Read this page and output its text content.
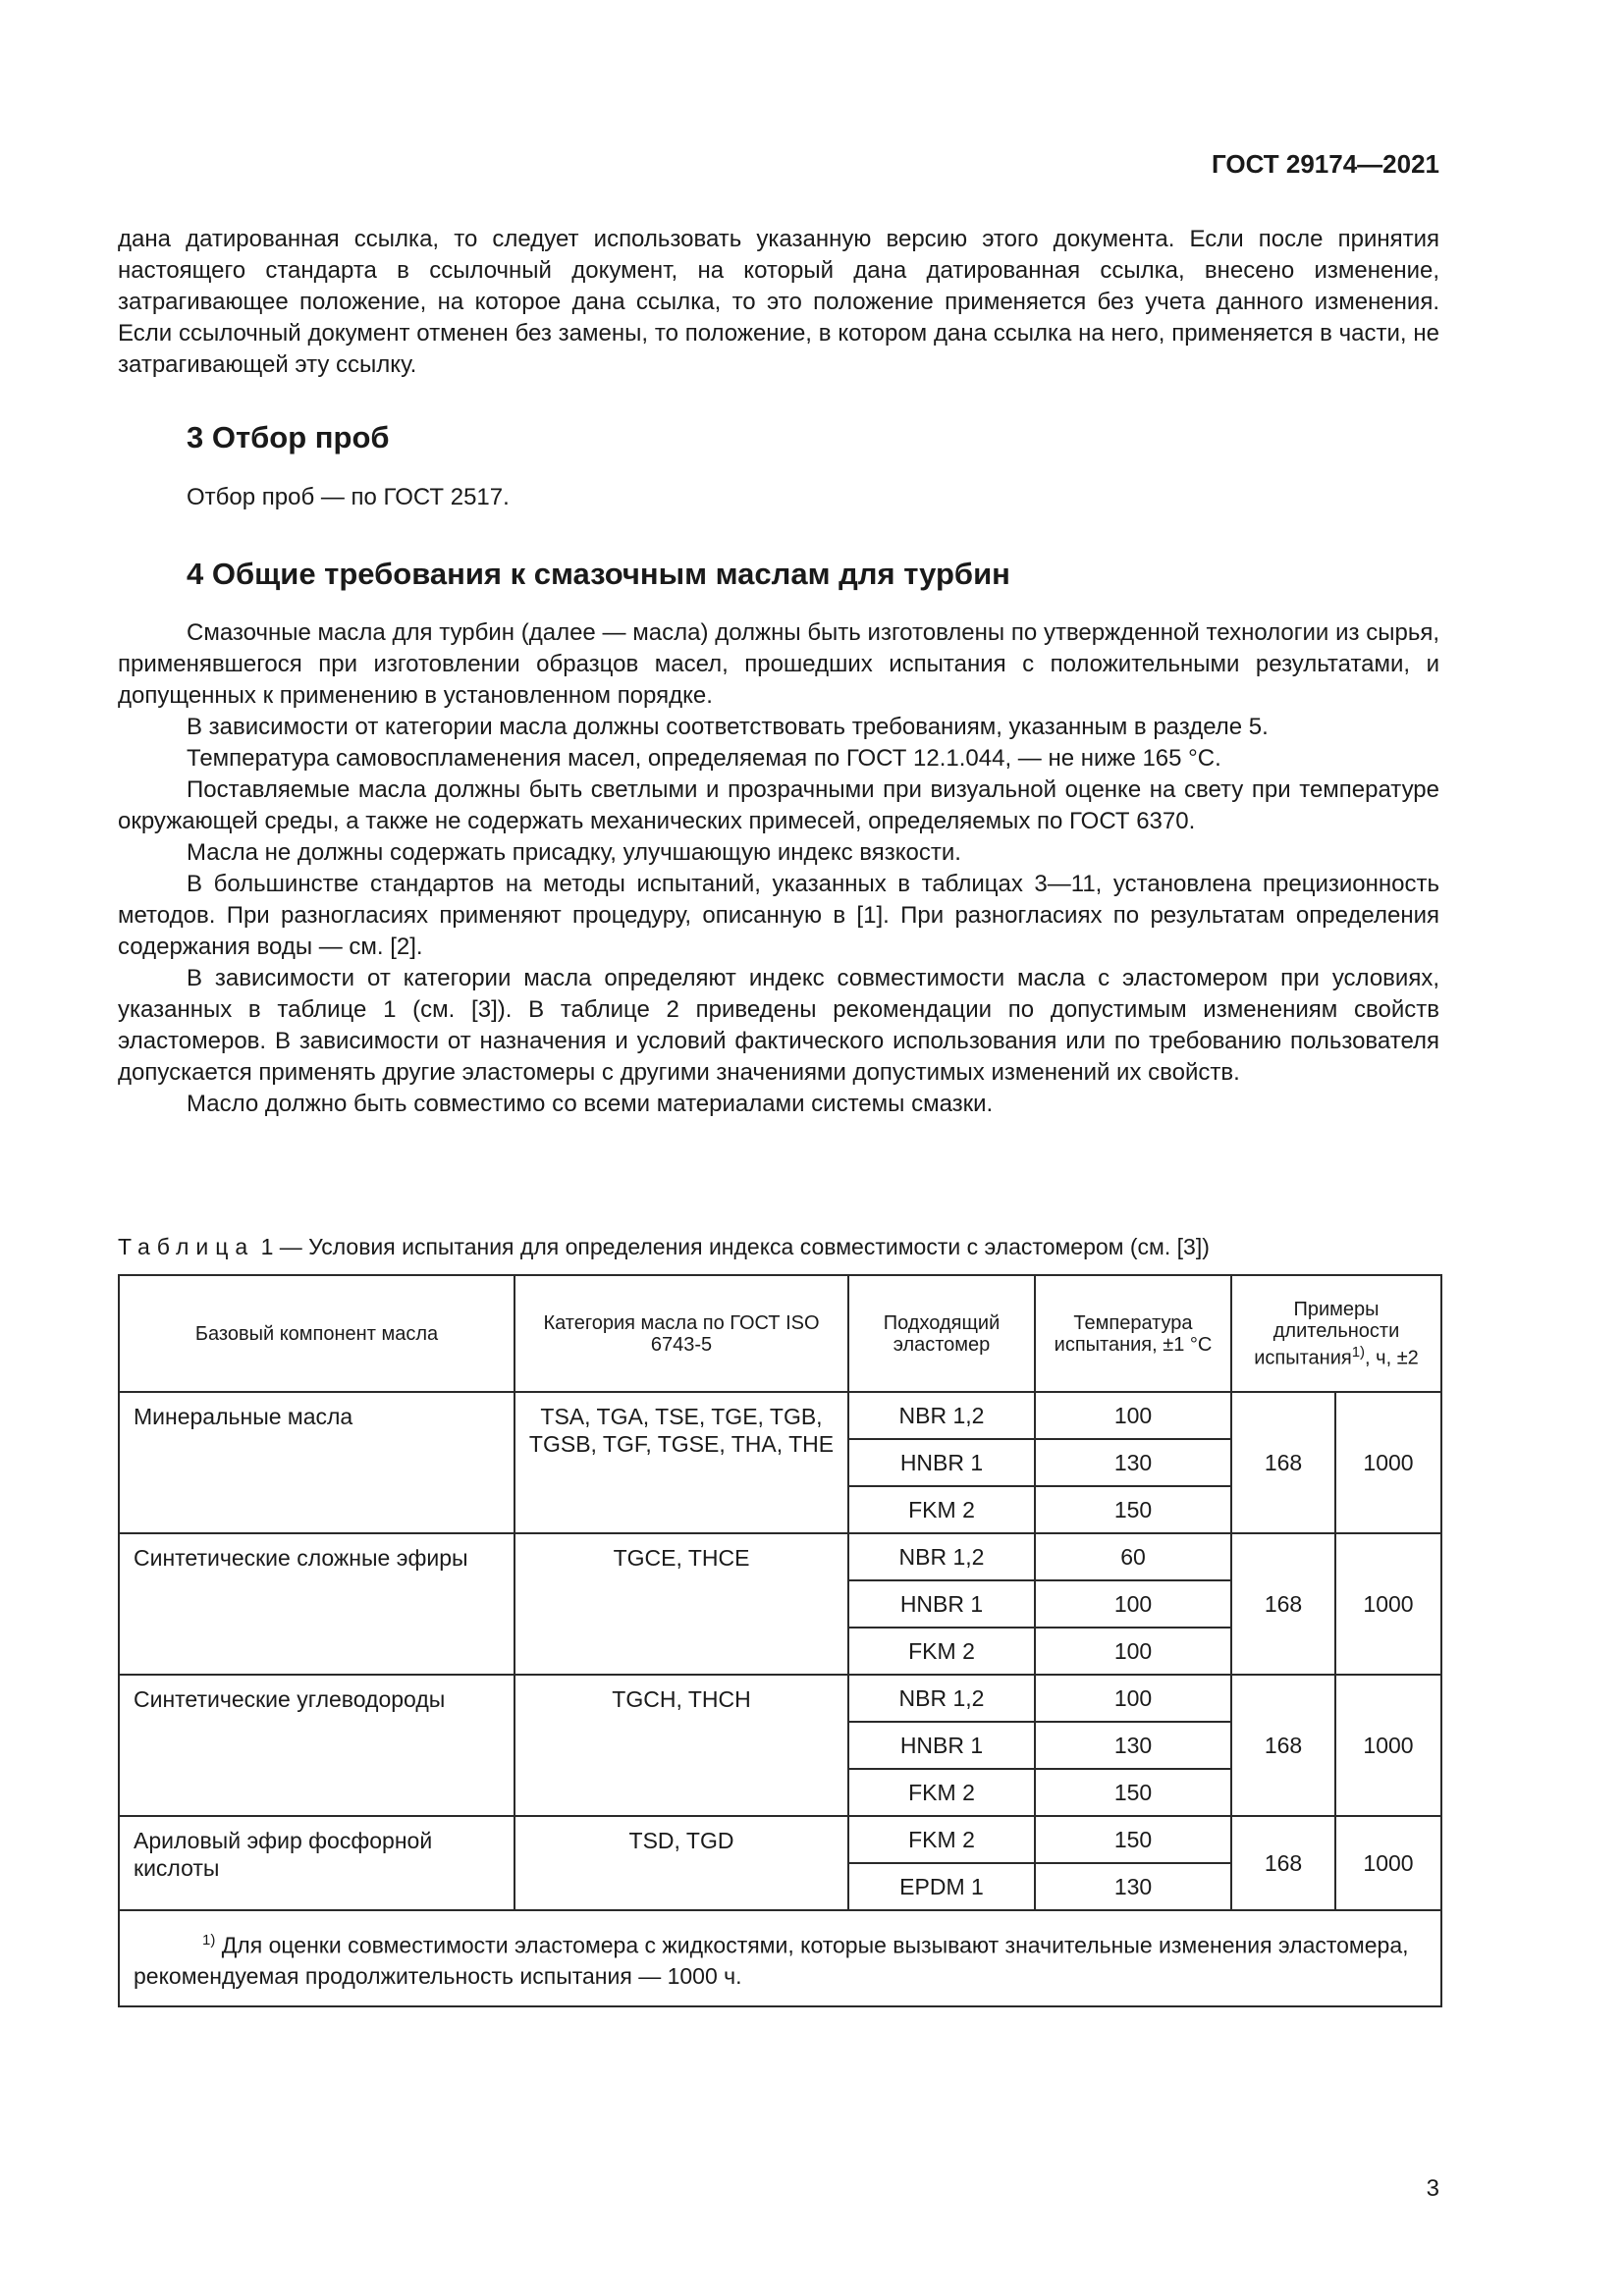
ГОСТ 29174—2021

дана датированная ссылка, то следует использовать указанную версию этого документа. Если после принятия настоящего стандарта в ссылочный документ, на который дана датированная ссылка, внесено изменение, затрагивающее положение, на которое дана ссылка, то это положение применяется без учета данного изменения. Если ссылочный документ отменен без замены, то положение, в котором дана ссылка на него, применяется в части, не затрагивающей эту ссылку.

3 Отбор проб

Отбор проб — по ГОСТ 2517.

4 Общие требования к смазочным маслам для турбин

Смазочные масла для турбин (далее — масла) должны быть изготовлены по утвержденной технологии из сырья, применявшегося при изготовлении образцов масел, прошедших испытания с положительными результатами, и допущенных к применению в установленном порядке.

В зависимости от категории масла должны соответствовать требованиям, указанным в разделе 5.

Температура самовоспламенения масел, определяемая по ГОСТ 12.1.044, — не ниже 165 °С.

Поставляемые масла должны быть светлыми и прозрачными при визуальной оценке на свету при температуре окружающей среды, а также не содержать механических примесей, определяемых по ГОСТ 6370.

Масла не должны содержать присадку, улучшающую индекс вязкости.

В большинстве стандартов на методы испытаний, указанных в таблицах 3—11, установлена прецизионность методов. При разногласиях применяют процедуру, описанную в [1]. При разногласиях по результатам определения содержания воды — см. [2].

В зависимости от категории масла определяют индекс совместимости масла с эластомером при условиях, указанных в таблице 1 (см. [3]). В таблице 2 приведены рекомендации по допустимым изменениям свойств эластомеров. В зависимости от назначения и условий фактического использования или по требованию пользователя допускается применять другие эластомеры с другими значениями допустимых изменений их свойств.

Масло должно быть совместимо со всеми материалами системы смазки.

Таблица 1 — Условия испытания для определения индекса совместимости с эластомером (см. [3])
Базовый компонент масла	Категория масла по ГОСТ ISO 6743-5	Подходящий эластомер	Температура испытания, ±1 °С	Примеры длительности испытания$^{1)}$, ч, ±2	
Минеральные масла	TSA, TGA, TSE, TGE, TGB, TGSB, TGF, TGSE, THA, THE	NBR 1,2	100	168	1000
		HNBR 1	130		
		FKM 2	150		
Синтетические сложные эфиры	TGCE, THCE	NBR 1,2	60	168	1000
		HNBR 1	100		
		FKM 2	100		
Синтетические углеводороды	TGCH, THCH	NBR 1,2	100	168	1000
		HNBR 1	130		
		FKM 2	150		
Ариловый эфир фосфорной кислоты	TSD, TGD	FKM 2	150	168	1000
		EPDM 1	130		
$^{1)}$ Для оценки совместимости эластомера с жидкостями, которые вызывают значительные изменения эластомера, рекомендуемая продолжительность испытания — 1000 ч.					
3
